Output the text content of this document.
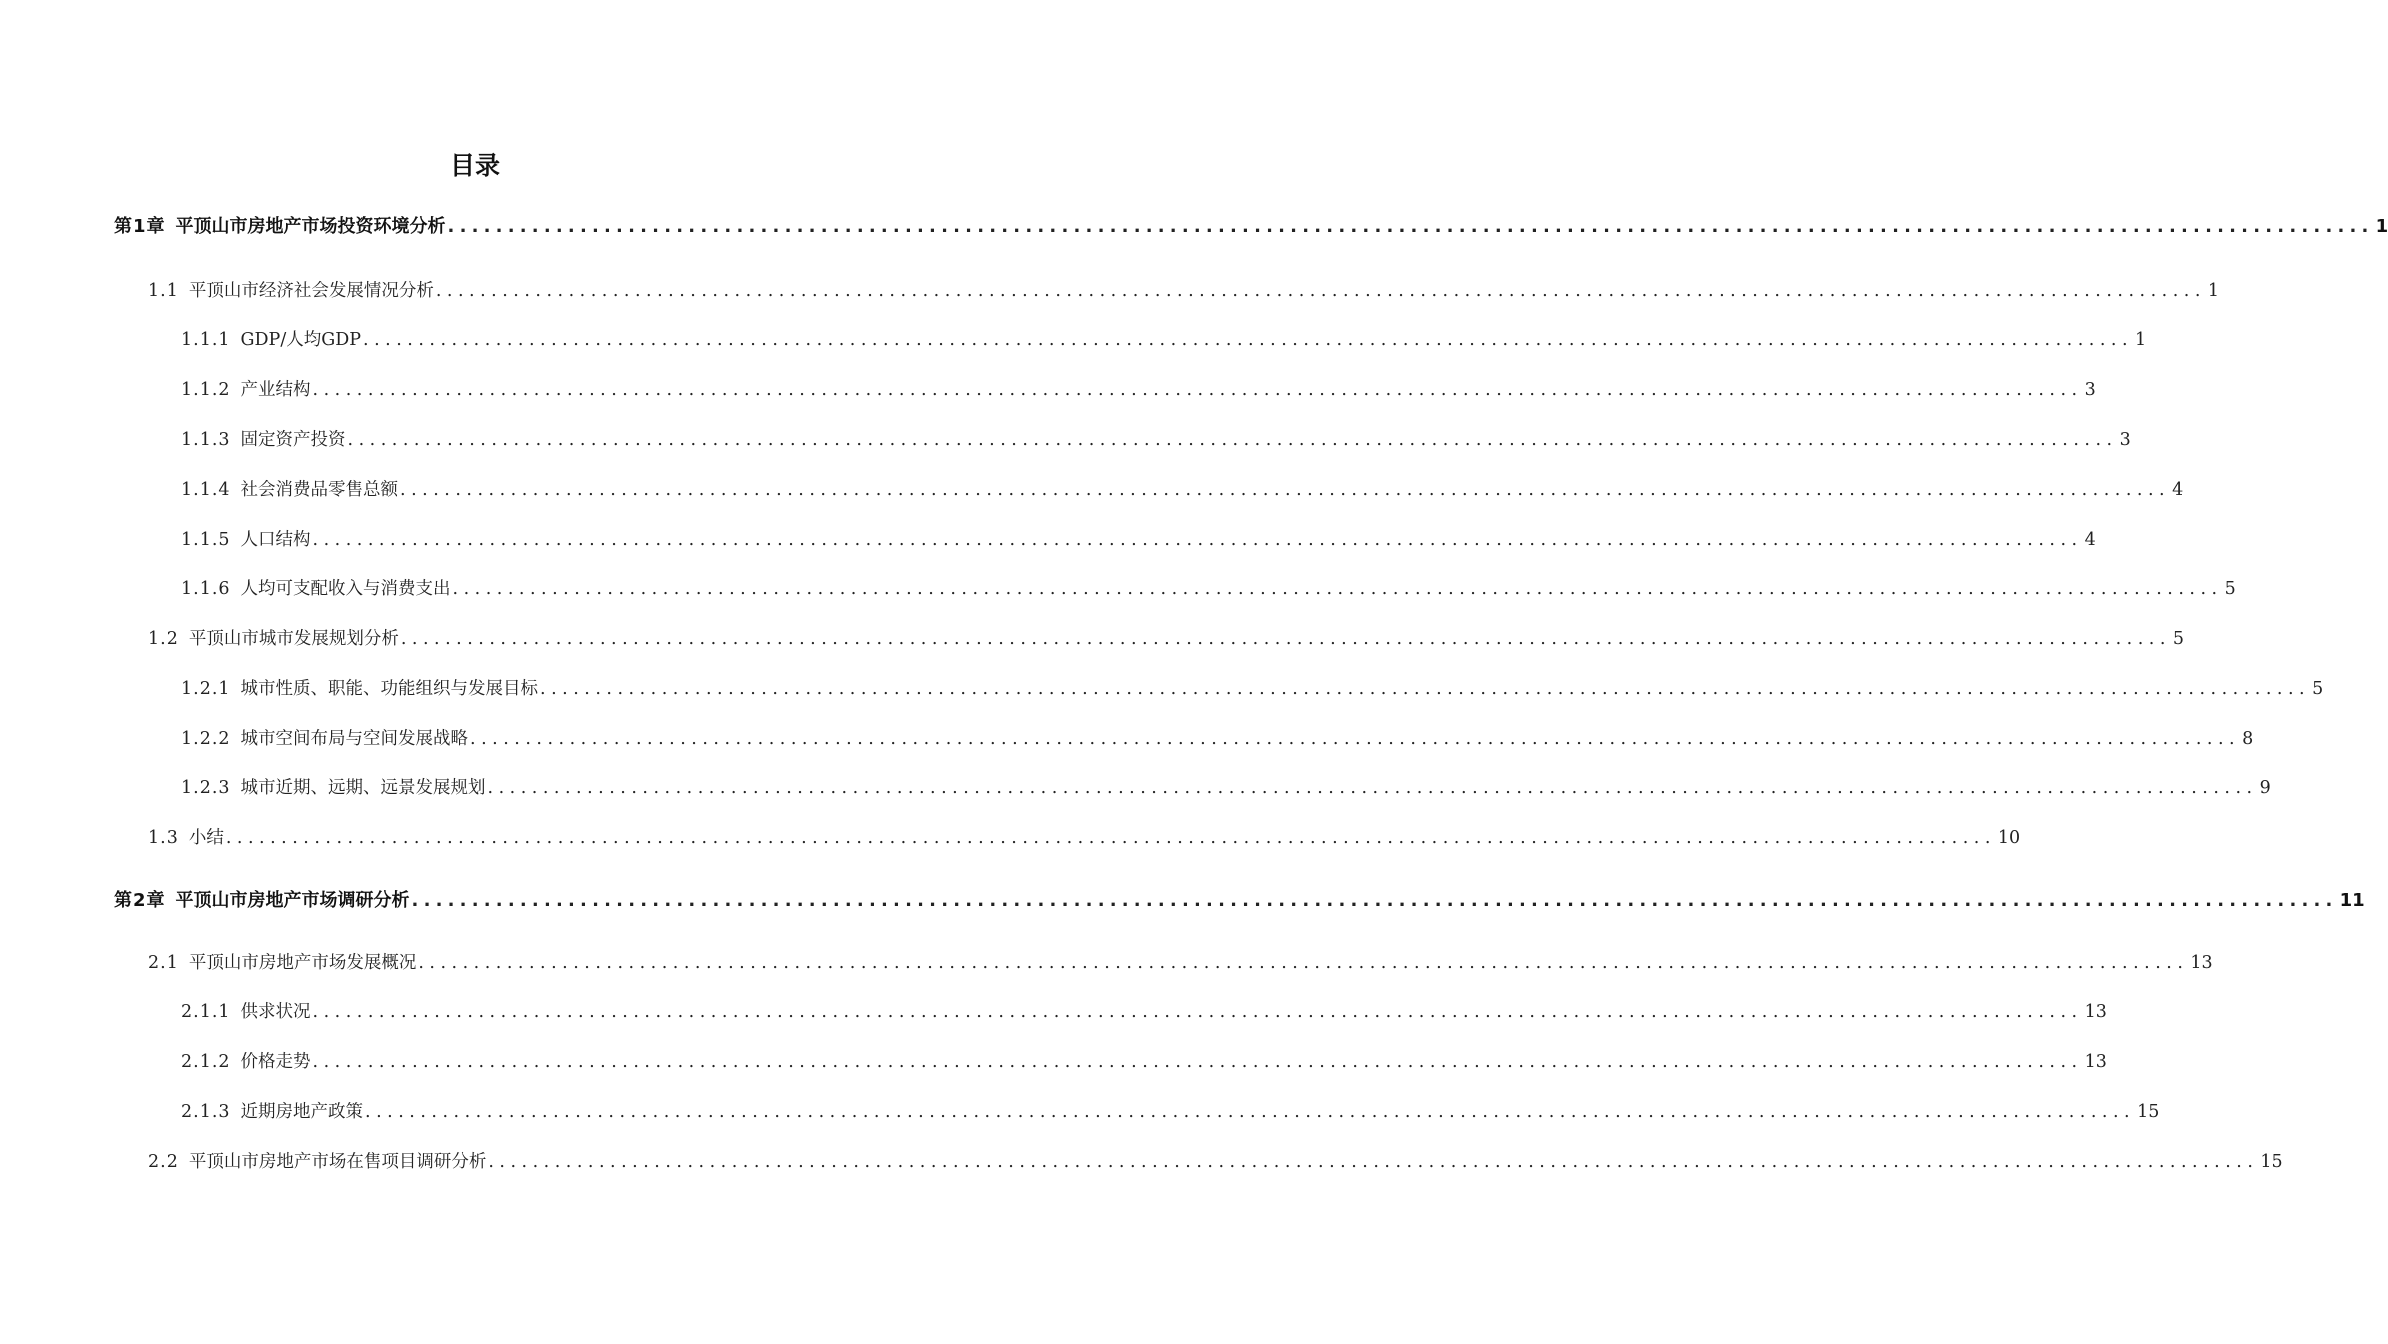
目录
第1章 平顶山市房地产市场投资环境分析 ................................................................................................................................................................ 1
1.1 平顶山市经济社会发展情况分析 ................................................................................................................................................................ 1
1.1.1 GDP/人均GDP ................................................................................................................................................................ 1
1.1.2 产业结构 ................................................................................................................................................................ 3
1.1.3 固定资产投资 ................................................................................................................................................................ 3
1.1.4 社会消费品零售总额 ................................................................................................................................................................ 4
1.1.5 人口结构 ................................................................................................................................................................ 4
1.1.6 人均可支配收入与消费支出 ................................................................................................................................................................ 5
1.2 平顶山市城市发展规划分析 ................................................................................................................................................................ 5
1.2.1 城市性质、职能、功能组织与发展目标 ................................................................................................................................................................ 5
1.2.2 城市空间布局与空间发展战略 ................................................................................................................................................................ 8
1.2.3 城市近期、远期、远景发展规划 ................................................................................................................................................................ 9
1.3 小结 ................................................................................................................................................................ 10
第2章 平顶山市房地产市场调研分析 ................................................................................................................................................................ 11
2.1 平顶山市房地产市场发展概况 ................................................................................................................................................................ 13
2.1.1 供求状况 ................................................................................................................................................................ 13
2.1.2 价格走势 ................................................................................................................................................................ 13
2.1.3 近期房地产政策 ................................................................................................................................................................ 15
2.2 平顶山市房地产市场在售项目调研分析 ................................................................................................................................................................ 15
